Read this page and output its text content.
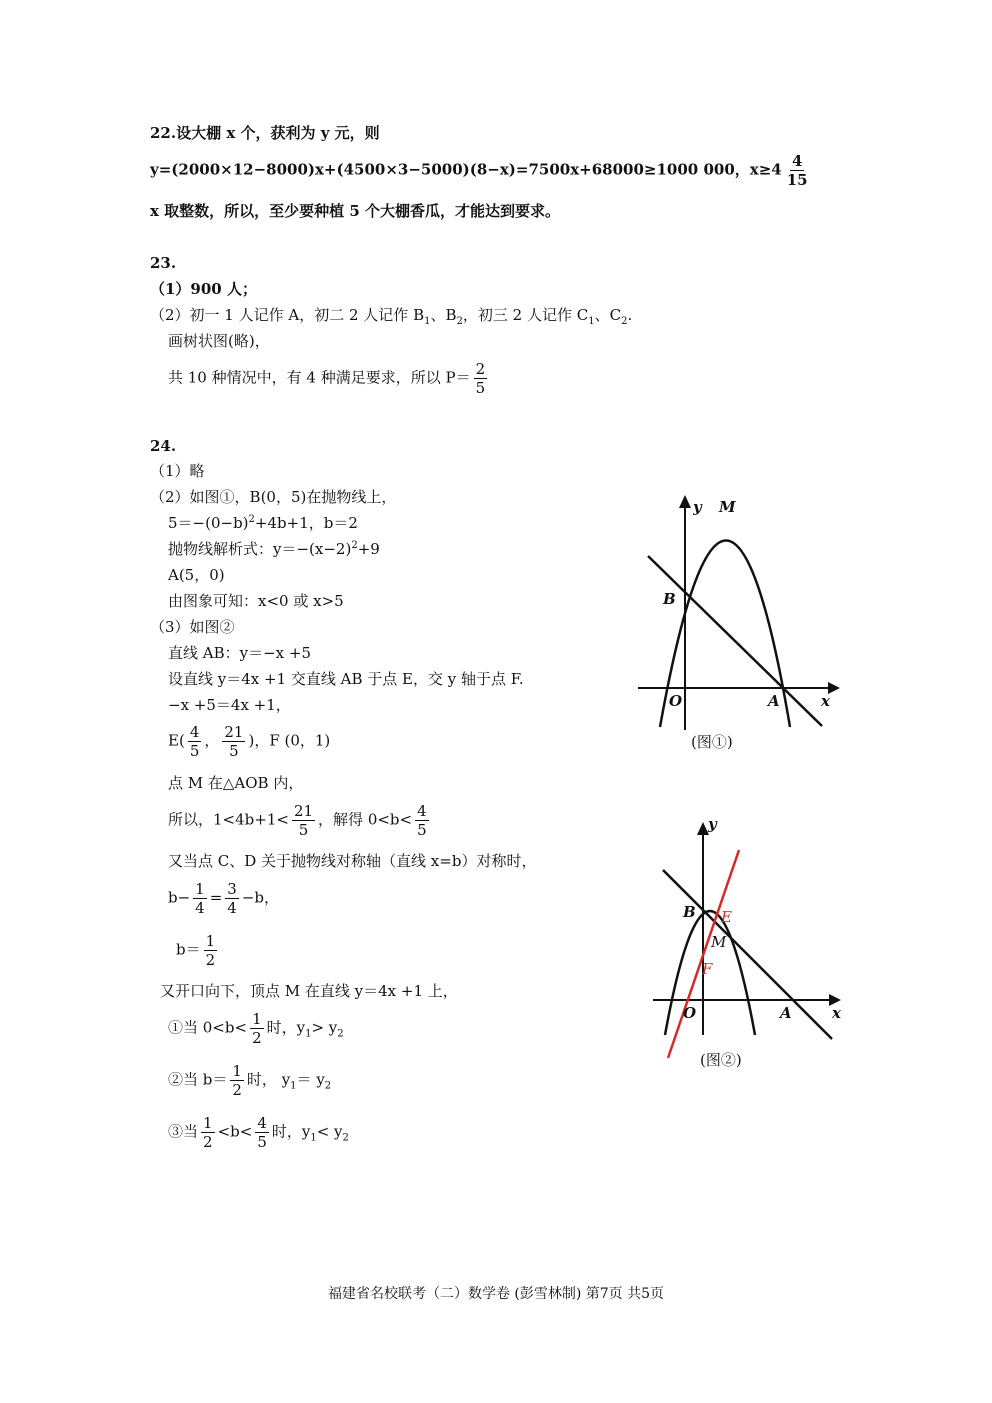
22.设大棚 x 个，获利为 y 元，则
y=(2000×12−8000)x+(4500×3−5000)(8−x)=7500x+68000≥1000 000，$x\ge 4 \frac{4}{15}$
x 取整数，所以，至少要种植 5 个大棚香瓜，才能达到要求。
23.
（1）900 人；
（2）初一 1 人记作 A，初二 2 人记作 $B_1$、$B_2$，初三 2 人记作 $C_1$、$C_2$.
画树状图(略)，
共 10 种情况中，有 4 种满足要求，所以 $P= \frac{2}{5}$
24.
（1）略
（2）如图①，B(0，5)在抛物线上，
$5=-(0-b)^2+4b+1$，b＝2
抛物线解析式：$y=-(x-2)^2+9$
A(5，0)
由图象可知：x<0 或 x>5
（3）如图②
直线 AB：y＝−x +5
设直线 y＝4x +1 交直线 AB 于点 E，交 y 轴于点 F.
−x +5＝4x +1，
$E( \frac{4}{5}$ ， $\frac{21}{5}$ )，F (0，1)
点 M 在△AOB 内，
所以，$1<4b+1< \frac{21}{5}$ ，解得 $0<b< \frac{4}{5}$
又当点 C、D 关于抛物线对称轴（直线 x=b）对称时，
$b- \frac{1}{4} = \frac{3}{4} -b$，
$b= \frac{1}{2}$
又开口向下，顶点 M 在直线 y＝4x +1 上，
①当 $0<b< \frac{1}{2}$ 时，$y_1> y_2$
②当 $b= \frac{1}{2}$ 时， $y_1= y_2$
③当 $\frac{1}{2} <b< \frac{4}{5}$ 时，$y_1< y_2$
y M
B
O	A	x
(图①)
y
B E
M
F
O	A	x
(图②)
福建省名校联考（二）数学卷 (彭雪林制) 第7页 共5页
